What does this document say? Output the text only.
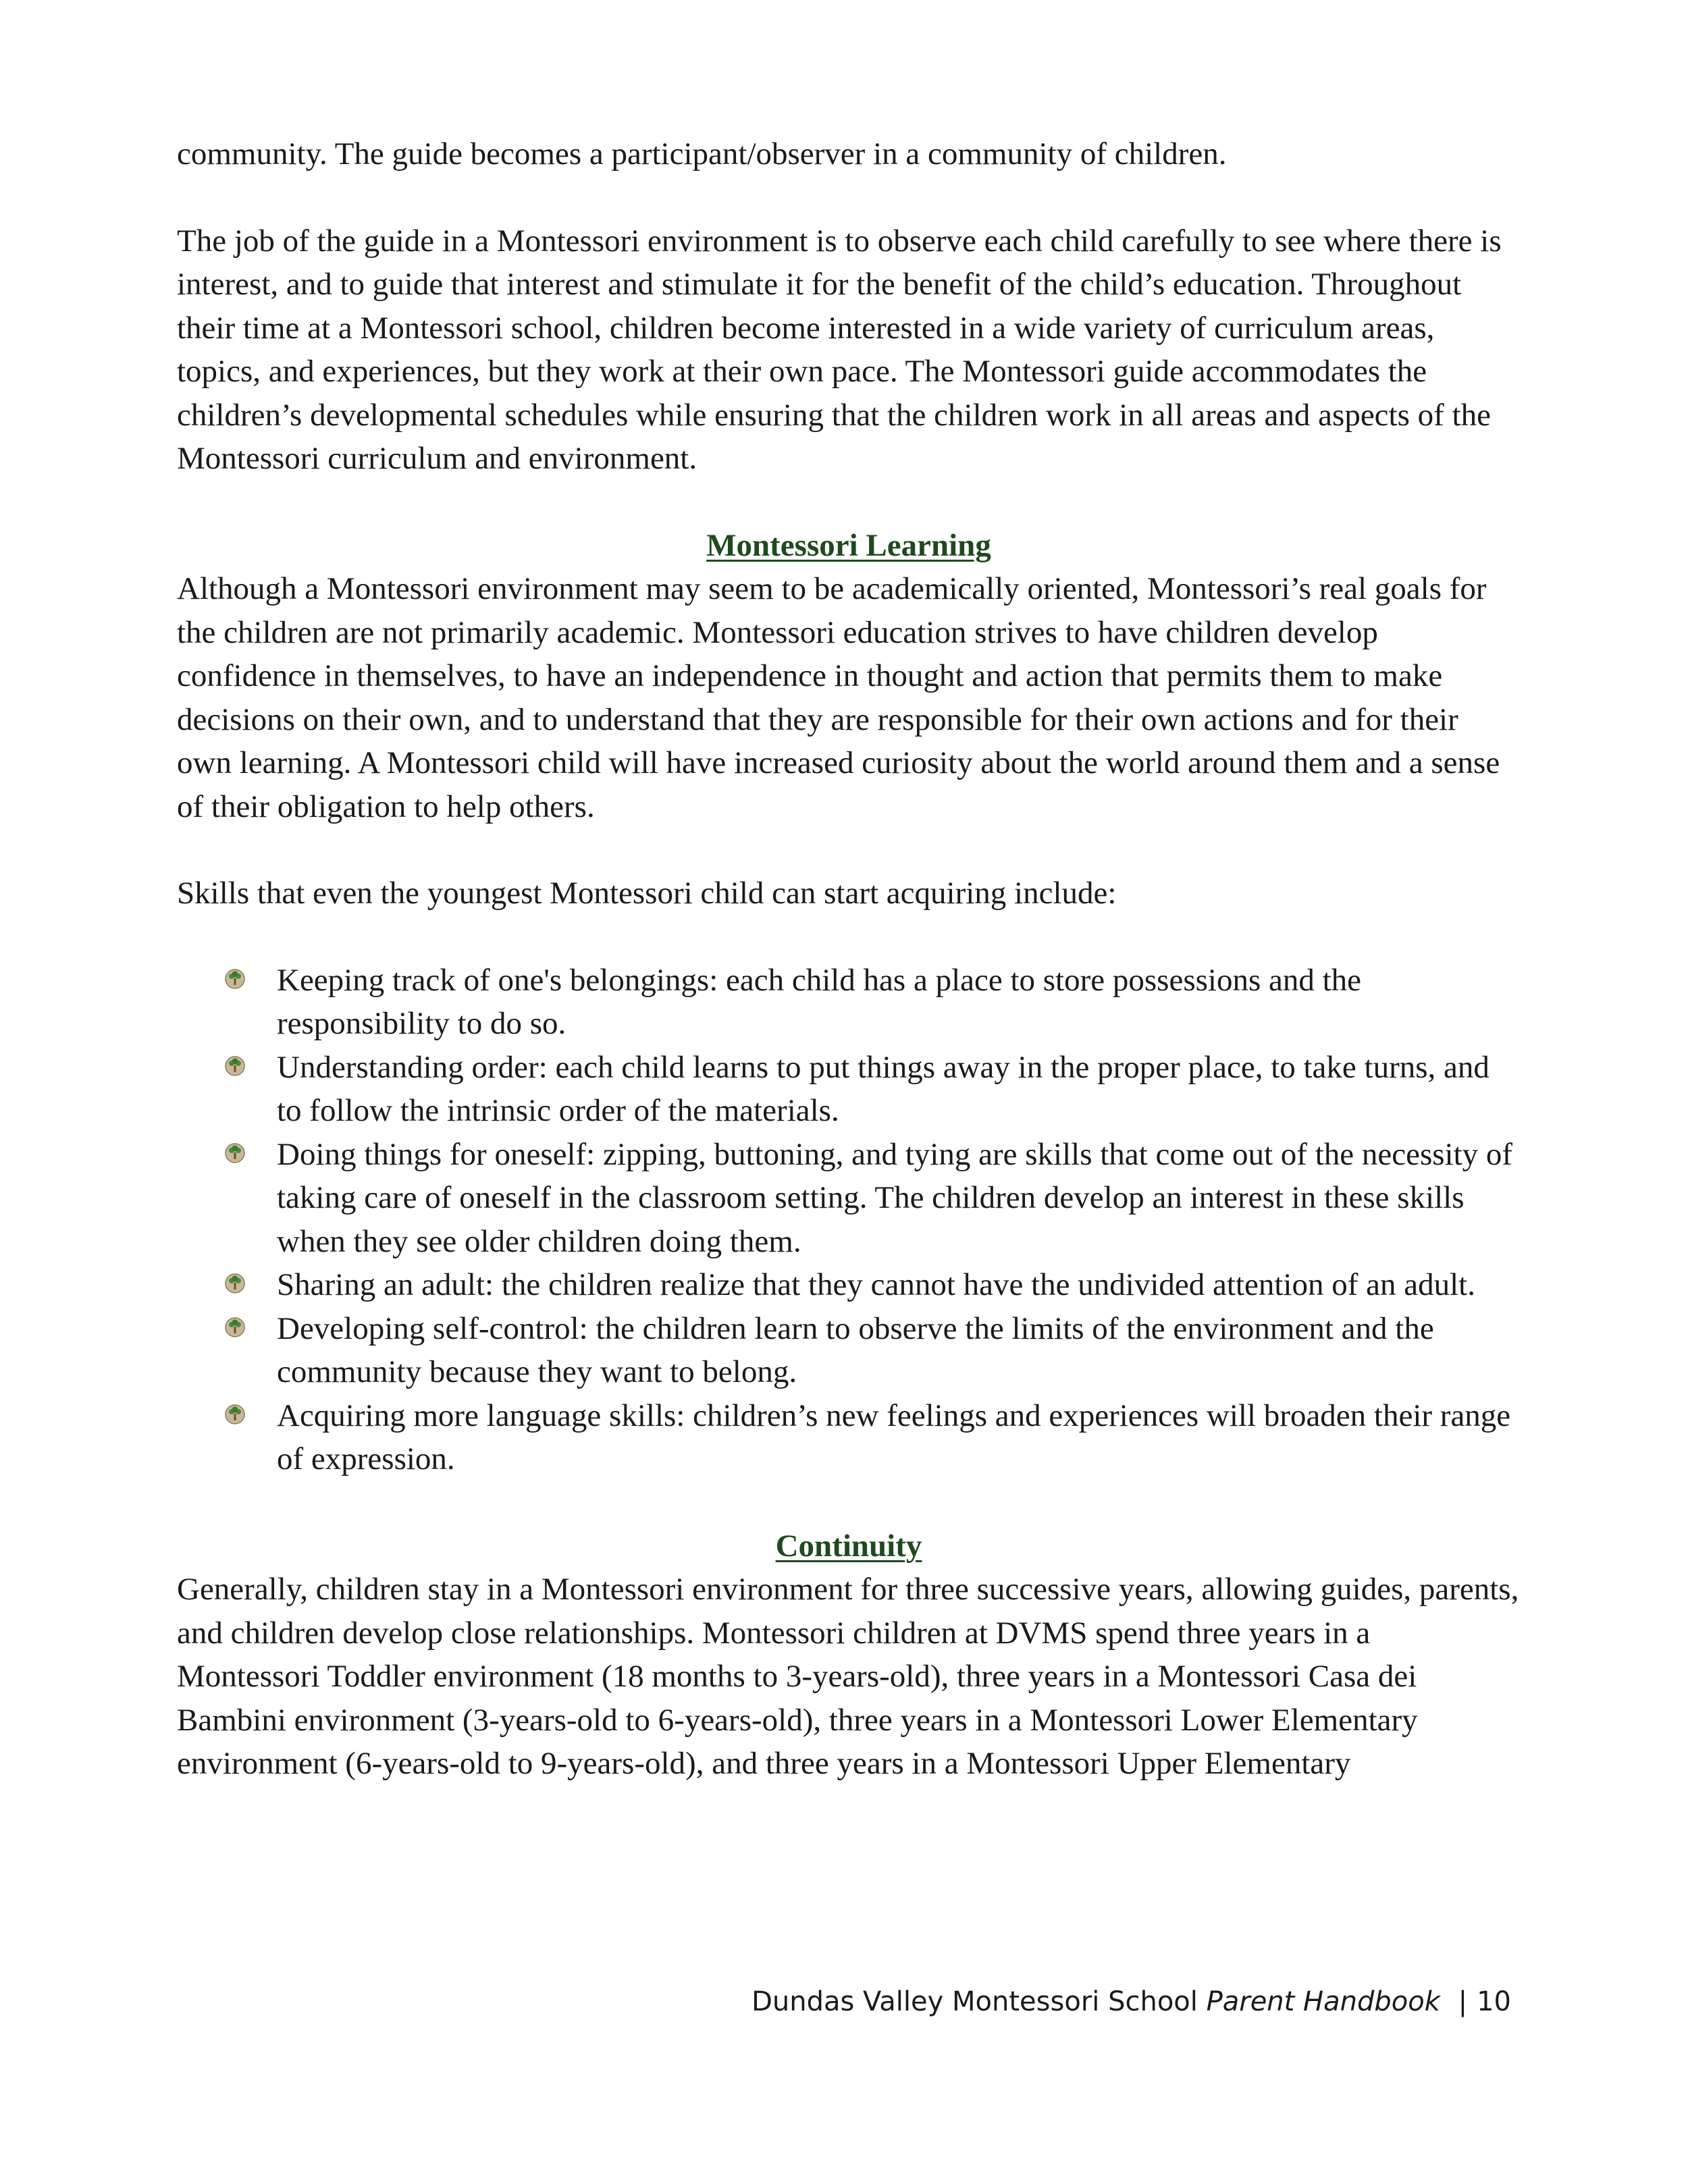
community. The guide becomes a participant/observer in a community of children.

The job of the guide in a Montessori environment is to observe each child carefully to see where there is interest, and to guide that interest and stimulate it for the benefit of the child’s education. Throughout their time at a Montessori school, children become interested in a wide variety of curriculum areas, topics, and experiences, but they work at their own pace. The Montessori guide accommodates the children’s developmental schedules while ensuring that the children work in all areas and aspects of the Montessori curriculum and environment.

Montessori Learning

Although a Montessori environment may seem to be academically oriented, Montessori’s real goals for the children are not primarily academic. Montessori education strives to have children develop confidence in themselves, to have an independence in thought and action that permits them to make decisions on their own, and to understand that they are responsible for their own actions and for their own learning. A Montessori child will have increased curiosity about the world around them and a sense of their obligation to help others.

Skills that even the youngest Montessori child can start acquiring include:

Keeping track of one's belongings: each child has a place to store possessions and the responsibility to do so.
Understanding order: each child learns to put things away in the proper place, to take turns, and to follow the intrinsic order of the materials.
Doing things for oneself: zipping, buttoning, and tying are skills that come out of the necessity of taking care of oneself in the classroom setting. The children develop an interest in these skills when they see older children doing them.
Sharing an adult: the children realize that they cannot have the undivided attention of an adult.
Developing self-control: the children learn to observe the limits of the environment and the community because they want to belong.
Acquiring more language skills: children’s new feelings and experiences will broaden their range of expression.

Continuity

Generally, children stay in a Montessori environment for three successive years, allowing guides, parents, and children develop close relationships. Montessori children at DVMS spend three years in a Montessori Toddler environment (18 months to 3-years-old), three years in a Montessori Casa dei Bambini environment (3-years-old to 6-years-old), three years in a Montessori Lower Elementary environment (6-years-old to 9-years-old), and three years in a Montessori Upper Elementary

Dundas Valley Montessori School Parent Handbook | 10
